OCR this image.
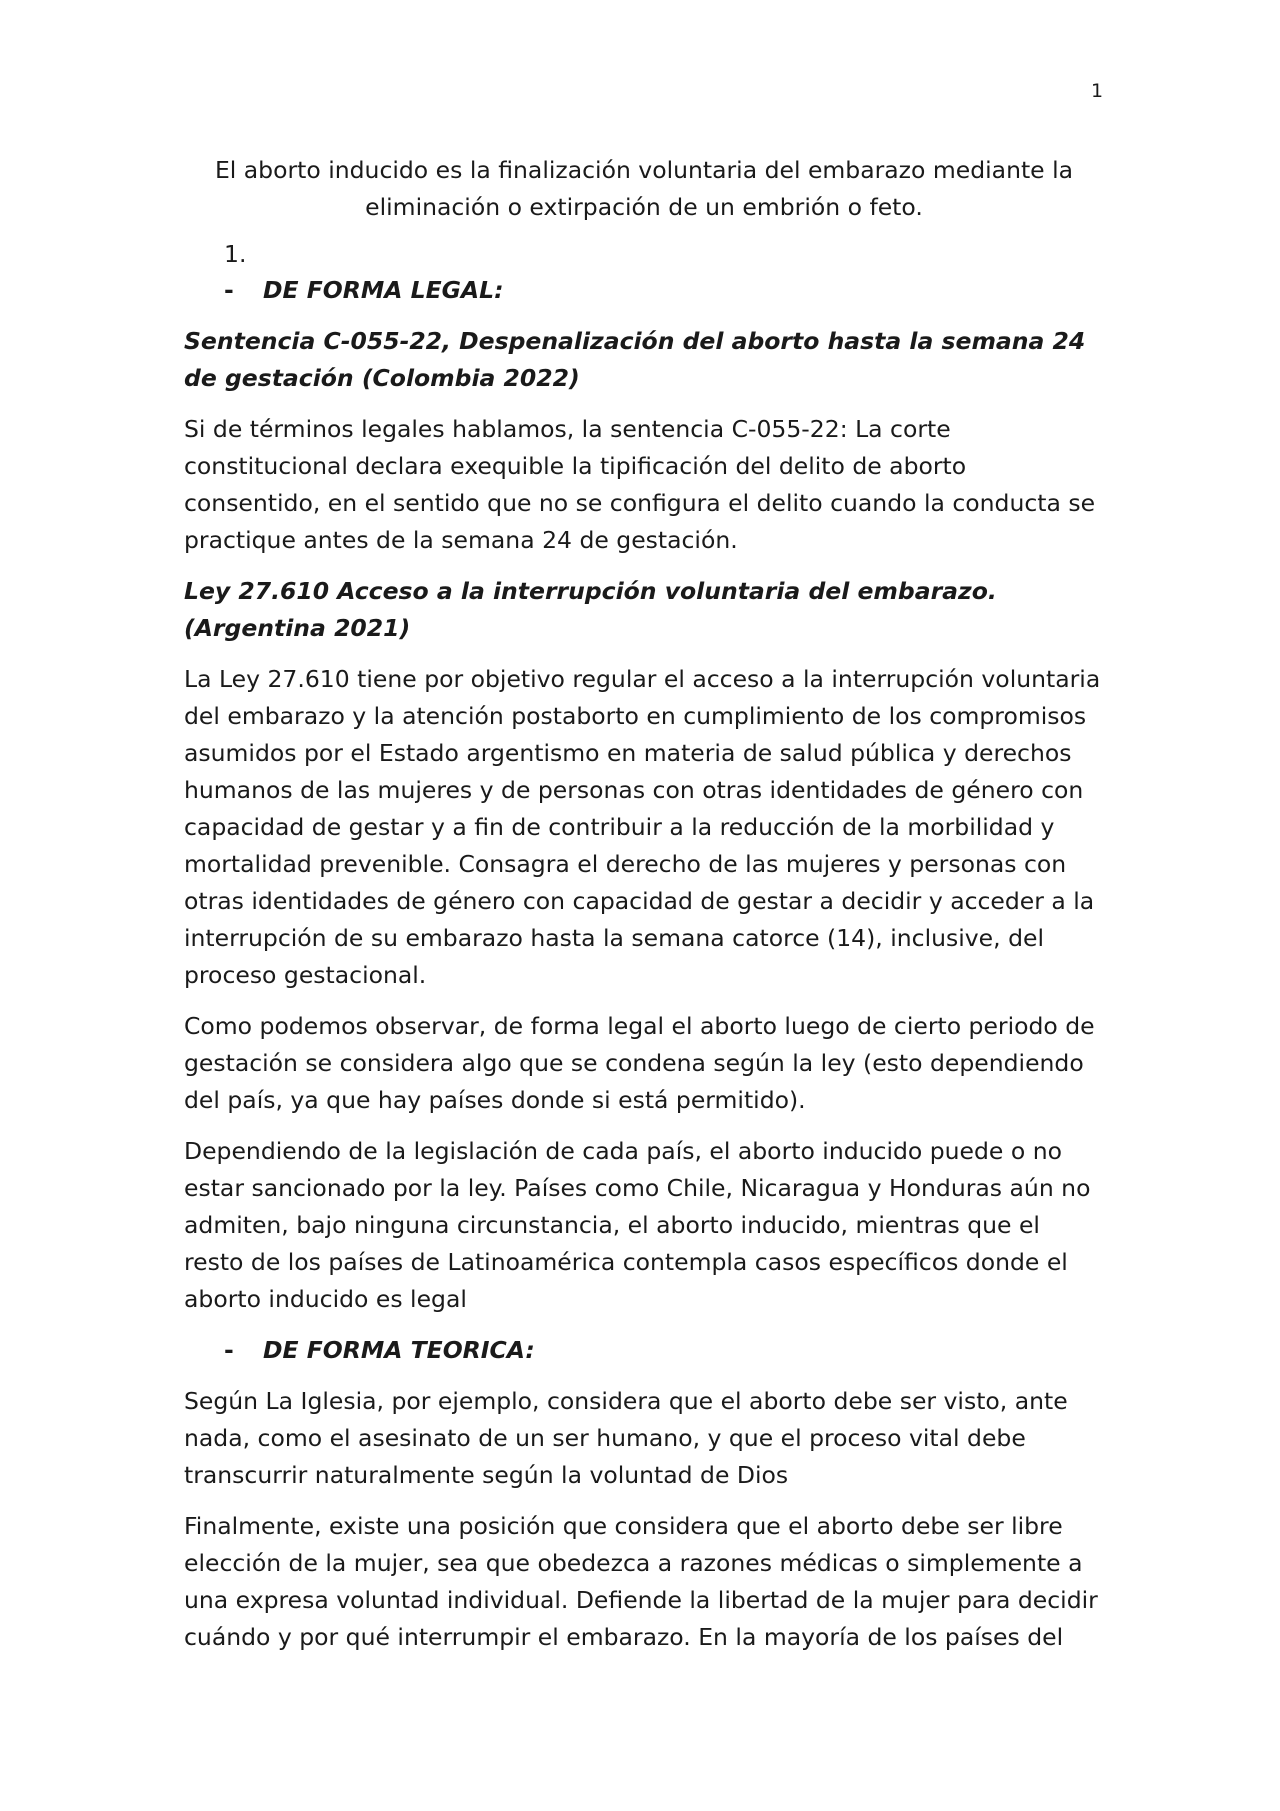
1

El aborto inducido es la finalización voluntaria del embarazo mediante la eliminación o extirpación de un embrión o feto.

1.

-	DE FORMA LEGAL:

Sentencia C-055-22, Despenalización del aborto hasta la semana 24 de gestación (Colombia 2022)

Si de términos legales hablamos, la sentencia C-055-22: La corte constitucional declara exequible la tipificación del delito de aborto consentido, en el sentido que no se configura el delito cuando la conducta se practique antes de la semana 24 de gestación.

Ley 27.610 Acceso a la interrupción voluntaria del embarazo. (Argentina 2021)

La Ley 27.610 tiene por objetivo regular el acceso a la interrupción voluntaria del embarazo y la atención postaborto en cumplimiento de los compromisos asumidos por el Estado argentismo en materia de salud pública y derechos humanos de las mujeres y de personas con otras identidades de género con capacidad de gestar y a fin de contribuir a la reducción de la morbilidad y mortalidad prevenible. Consagra el derecho de las mujeres y personas con otras identidades de género con capacidad de gestar a decidir y acceder a la interrupción de su embarazo hasta la semana catorce (14), inclusive, del proceso gestacional.

Como podemos observar, de forma legal el aborto luego de cierto periodo de gestación se considera algo que se condena según la ley (esto dependiendo del país, ya que hay países donde si está permitido).

Dependiendo de la legislación de cada país, el aborto inducido puede o no estar sancionado por la ley. Países como Chile, Nicaragua y Honduras aún no admiten, bajo ninguna circunstancia, el aborto inducido, mientras que el resto de los países de Latinoamérica contempla casos específicos donde el aborto inducido es legal

-	DE FORMA TEORICA:

Según La Iglesia, por ejemplo, considera que el aborto debe ser visto, ante nada, como el asesinato de un ser humano, y que el proceso vital debe transcurrir naturalmente según la voluntad de Dios

Finalmente, existe una posición que considera que el aborto debe ser libre elección de la mujer, sea que obedezca a razones médicas o simplemente a una expresa voluntad individual. Defiende la libertad de la mujer para decidir cuándo y por qué interrumpir el embarazo. En la mayoría de los países del
